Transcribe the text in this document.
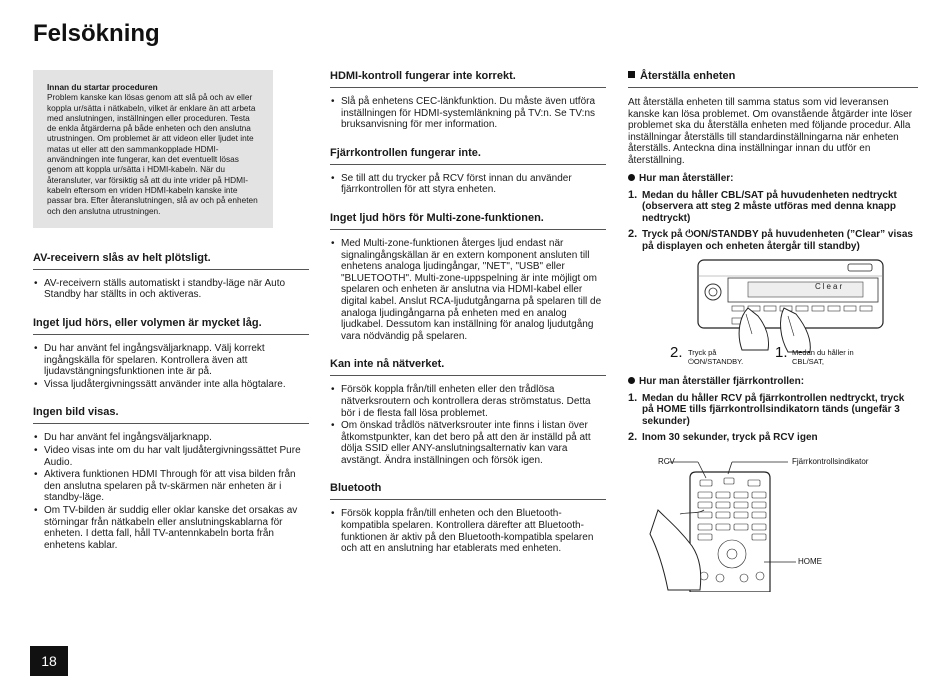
Felsökning
Innan du startar proceduren
Problem kanske kan lösas genom att slå på och av eller koppla ur/sätta i nätkabeln, vilket är enklare än att arbeta med anslutningen, inställningen eller proceduren. Testa de enkla åtgärderna på både enheten och den anslutna utrustningen. Om problemet är att videon eller ljudet inte matas ut eller att den sammankopplade HDMI-användningen inte fungerar, kan det eventuellt lösas genom att koppla ur/sätta i HDMI-kabeln. När du återansluter, var försiktig så att du inte vrider på HDMI-kabeln eftersom en vriden HDMI-kabeln kanske inte passar bra. Efter återanslutningen, slå av och på enheten och den anslutna utrustningen.
AV-receivern slås av helt plötsligt.
• AV-receivern ställs automatiskt i standby-läge när Auto Standby har ställts in och aktiveras.
Inget ljud hörs, eller volymen är mycket låg.
• Du har använt fel ingångsväljarknapp. Välj korrekt ingångskälla för spelaren. Kontrollera även att ljudavstängningsfunktionen inte är på.
• Vissa ljudåtergivningssätt använder inte alla högtalare.
Ingen bild visas.
• Du har använt fel ingångsväljarknapp.
• Video visas inte om du har valt ljudåtergivningssättet Pure Audio.
• Aktivera funktionen HDMI Through för att visa bilden från den anslutna spelaren på tv-skärmen när enheten är i standby-läge.
• Om TV-bilden är suddig eller oklar kanske det orsakas av störningar från nätkabeln eller anslutningskablarna för enheten. I detta fall, håll TV-antennkabeln borta från enhetens kablar.
HDMI-kontroll fungerar inte korrekt.
• Slå på enhetens CEC-länkfunktion. Du måste även utföra inställningen för HDMI-systemlänkning på TV:n. Se TV:ns bruksanvisning för mer information.
Fjärrkontrollen fungerar inte.
• Se till att du trycker på RCV först innan du använder fjärrkontrollen för att styra enheten.
Inget ljud hörs för Multi-zone-funktionen.
• Med Multi-zone-funktionen återges ljud endast när signalingångskällan är en extern komponent ansluten till enhetens analoga ljudingångar, "NET", "USB" eller "BLUETOOTH". Multi-zone-uppspelning är inte möjligt om spelaren och enheten är anslutna via HDMI-kabel eller digital kabel. Anslut RCA-ljudutgångarna på spelaren till de analoga ljudingångarna på enheten med en analog ljudkabel. Dessutom kan inställning för analog ljudutgång vara nödvändig på spelaren.
Kan inte nå nätverket.
• Försök koppla från/till enheten eller den trådlösa nätverksroutern och kontrollera deras strömstatus. Detta bör i de flesta fall lösa problemet.
• Om önskad trådlös nätverksrouter inte finns i listan över åtkomstpunkter, kan det bero på att den är inställd på att dölja SSID eller ANY-anslutningsalternativ kan vara avstängt. Ändra inställningen och försök igen.
Bluetooth
• Försök koppla från/till enheten och den Bluetooth-kompatibla spelaren. Kontrollera därefter att Bluetooth-funktionen är aktiv på den Bluetooth-kompatibla spelaren och att en anslutning har etablerats med enheten.
Återställa enheten
Att återställa enheten till samma status som vid leveransen kanske kan lösa problemet. Om ovanstående åtgärder inte löser problemet ska du återställa enheten med följande procedur. Alla inställningar återställs till standardinställningarna när enheten återställs. Anteckna dina inställningar innan du utför en återställning.
Hur man återställer:
1. Medan du håller CBL/SAT på huvudenheten nedtryckt (observera att steg 2 måste utföras med denna knapp nedtryckt)
2. Tryck på ⏻ON/STANDBY på huvudenheten (”Clear” visas på displayen och enheten återgår till standby)
Clear
2. Tryck på ⏻ON/STANDBY.
1. Medan du håller in CBL/SAT,
Hur man återställer fjärrkontrollen:
1. Medan du håller RCV på fjärrkontrollen nedtryckt, tryck på HOME tills fjärrkontrollsindikatorn tänds (ungefär 3 sekunder)
2. Inom 30 sekunder, tryck på RCV igen
RCV	Fjärrkontrollsindikator
HOME
18
